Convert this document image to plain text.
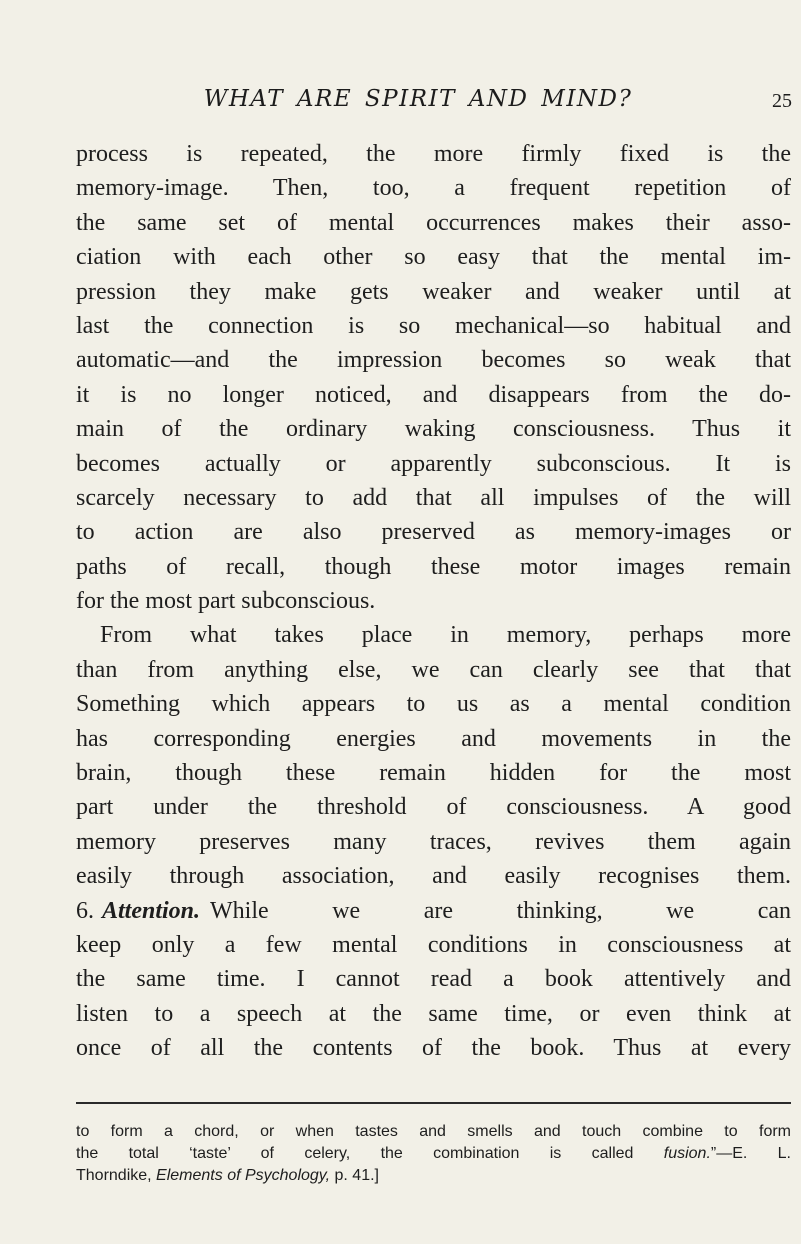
WHAT ARE SPIRIT AND MIND?	25
process is repeated, the more firmly fixed is the
memory-image. Then, too, a frequent repetition of
the same set of mental occurrences makes their asso-
ciation with each other so easy that the mental im-
pression they make gets weaker and weaker until at
last the connection is so mechanical—so habitual and
automatic—and the impression becomes so weak that
it is no longer noticed, and disappears from the do-
main of the ordinary waking consciousness. Thus it
becomes actually or apparently subconscious. It is
scarcely necessary to add that all impulses of the will
to action are also preserved as memory-images or
paths of recall, though these motor images remain
for the most part subconscious.
From what takes place in memory, perhaps more
than from anything else, we can clearly see that that
Something which appears to us as a mental condition
has corresponding energies and movements in the
brain, though these remain hidden for the most
part under the threshold of consciousness. A good
memory preserves many traces, revives them again
easily through association, and easily recognises them.
6. Attention. While we are thinking, we can
keep only a few mental conditions in consciousness at
the same time. I cannot read a book attentively and
listen to a speech at the same time, or even think at
once of all the contents of the book. Thus at every
to form a chord, or when tastes and smells and touch combine to form
the total ‘taste’ of celery, the combination is called fusion.”—E. L.
Thorndike, Elements of Psychology, p. 41.]
